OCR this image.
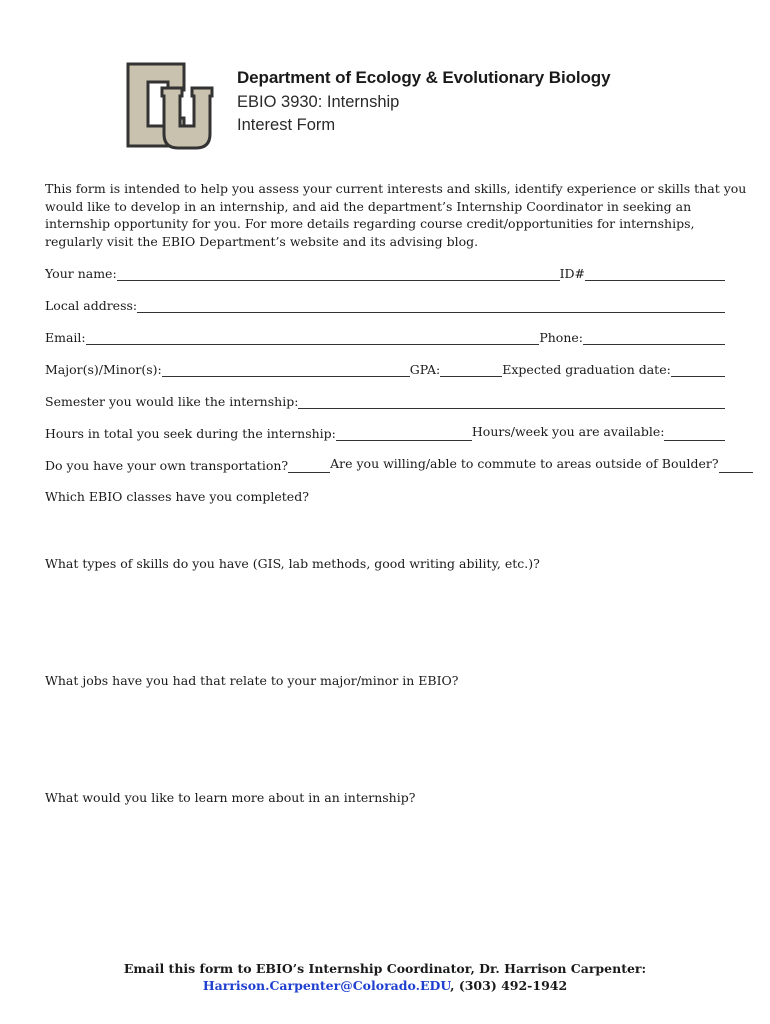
Department of Ecology & Evolutionary Biology
EBIO 3930: Internship
Interest Form
This form is intended to help you assess your current interests and skills, identify experience or skills that you
would like to develop in an internship, and aid the department’s Internship Coordinator in seeking an
internship opportunity for you. For more details regarding course credit/opportunities for internships,
regularly visit the EBIO Department’s website and its advising blog.
Your name:	ID#
Local address:
Email:	Phone:
Major(s)/Minor(s):	GPA:	Expected graduation date:
Semester you would like the internship:
Hours in total you seek during the internship:	Hours/week you are available:
Do you have your own transportation?	Are you willing/able to commute to areas outside of Boulder?
Which EBIO classes have you completed?
What types of skills do you have (GIS, lab methods, good writing ability, etc.)?
What jobs have you had that relate to your major/minor in EBIO?
What would you like to learn more about in an internship?
Email this form to EBIO’s Internship Coordinator, Dr. Harrison Carpenter:
Harrison.Carpenter@Colorado.EDU, (303) 492-1942
